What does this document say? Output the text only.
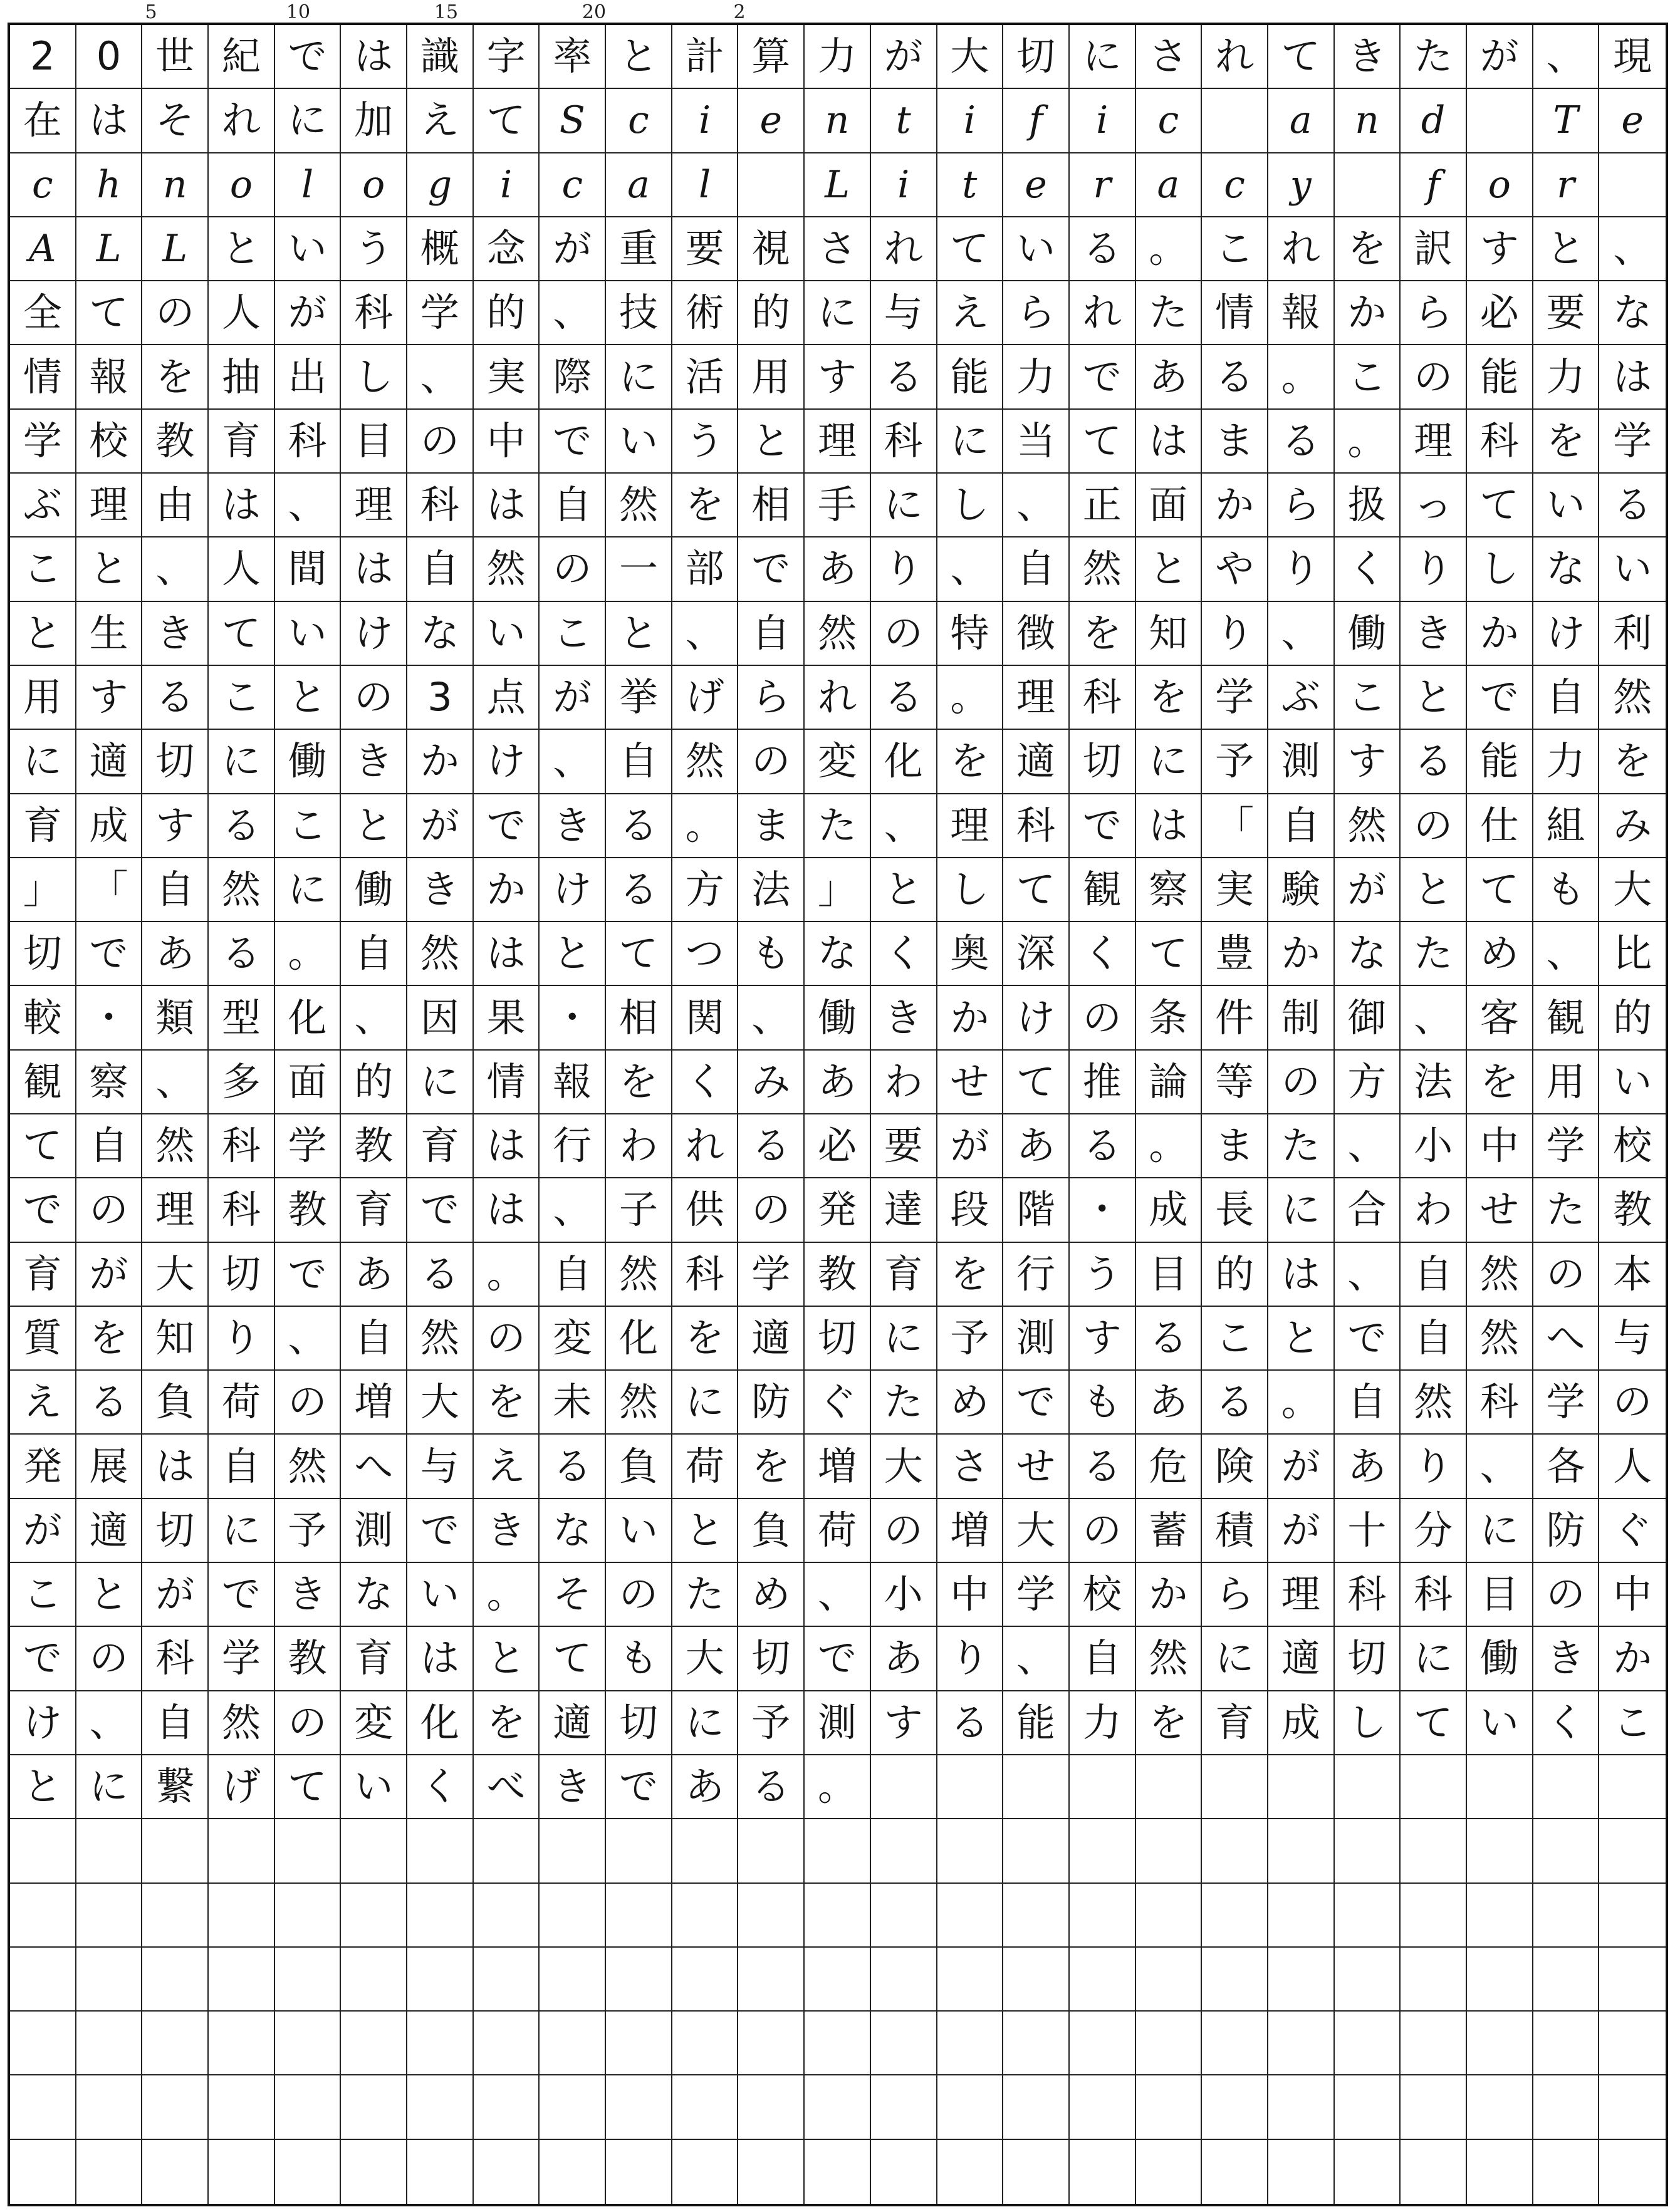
5	10	15	20	2
2	0 世 紀 で は 識 字 率 と 計 算 力 が 大 切 に さ れ て き た が 、 現
在 は そ れ に 加 え て S	c	i	e	n	t	i	f	i	c	a	n	d	T	e
c	h	n	o	l	o	g	i	c	a	l	L	i	t	e	r	a	c	y	f	o	r
A	L	L と い う 概 念 が 重 要 視 さ れ て い る 。 こ れ を 訳 す と 、
全 て の 人 が 科 学 的 、 技 術 的 に 与 え ら れ た 情 報 か ら 必 要 な
情 報 を 抽 出 し 、 実 際 に 活 用 す る 能 力 で あ る 。 こ の 能 力 は
学 校 教 育 科 目 の 中 で い う と 理 科 に 当 て は ま る 。 理 科 を 学
ぶ 理 由 は 、 理 科 は 自 然 を 相 手 に し 、 正 面 か ら 扱 っ て い る
こ と 、 人 間 は 自 然 の 一 部 で あ り 、 自 然 と や り く り し な い
と 生 き て い け な い こ と 、 自 然 の 特 徴 を 知 り 、 働 き か け 利
用 す る こ と の 3 点 が 挙 げ ら れ る 。 理 科 を 学 ぶ こ と で 自 然
に 適 切 に 働 き か け 、 自 然 の 変 化 を 適 切 に 予 測 す る 能 力 を
育 成 す る こ と が で き る 。 ま た 、 理 科 で は 「 自 然 の 仕 組 み
」 「 自 然 に 働 き か け る 方 法 」 と し て 観 察 実 験 が と て も 大
切 で あ る 。 自 然 は と て つ も な く 奥 深 く て 豊 か な た め 、 比
較 ・ 類 型 化 、 因 果 ・ 相 関 、 働 き か け の 条 件 制 御 、 客 観 的
観 察 、 多 面 的 に 情 報 を く み あ わ せ て 推 論 等 の 方 法 を 用 い
て 自 然 科 学 教 育 は 行 わ れ る 必 要 が あ る 。 ま た 、 小 中 学 校
で の 理 科 教 育 で は 、 子 供 の 発 達 段 階 ・ 成 長 に 合 わ せ た 教
育 が 大 切 で あ る 。 自 然 科 学 教 育 を 行 う 目 的 は 、 自 然 の 本
質 を 知 り 、 自 然 の 変 化 を 適 切 に 予 測 す る こ と で 自 然 へ 与
え る 負 荷 の 増 大 を 未 然 に 防 ぐ た め で も あ る 。 自 然 科 学 の
発 展 は 自 然 へ 与 え る 負 荷 を 増 大 さ せ る 危 険 が あ り 、 各 人
が 適 切 に 予 測 で き な い と 負 荷 の 増 大 の 蓄 積 が 十 分 に 防 ぐ
こ と が で き な い 。 そ の た め 、 小 中 学 校 か ら 理 科 科 目 の 中
で の 科 学 教 育 は と て も 大 切 で あ り 、 自 然 に 適 切 に 働 き か
け 、 自 然 の 変 化 を 適 切 に 予 測 す る 能 力 を 育 成 し て い く こ
と に 繋 げ て い く べ き で あ る 。
